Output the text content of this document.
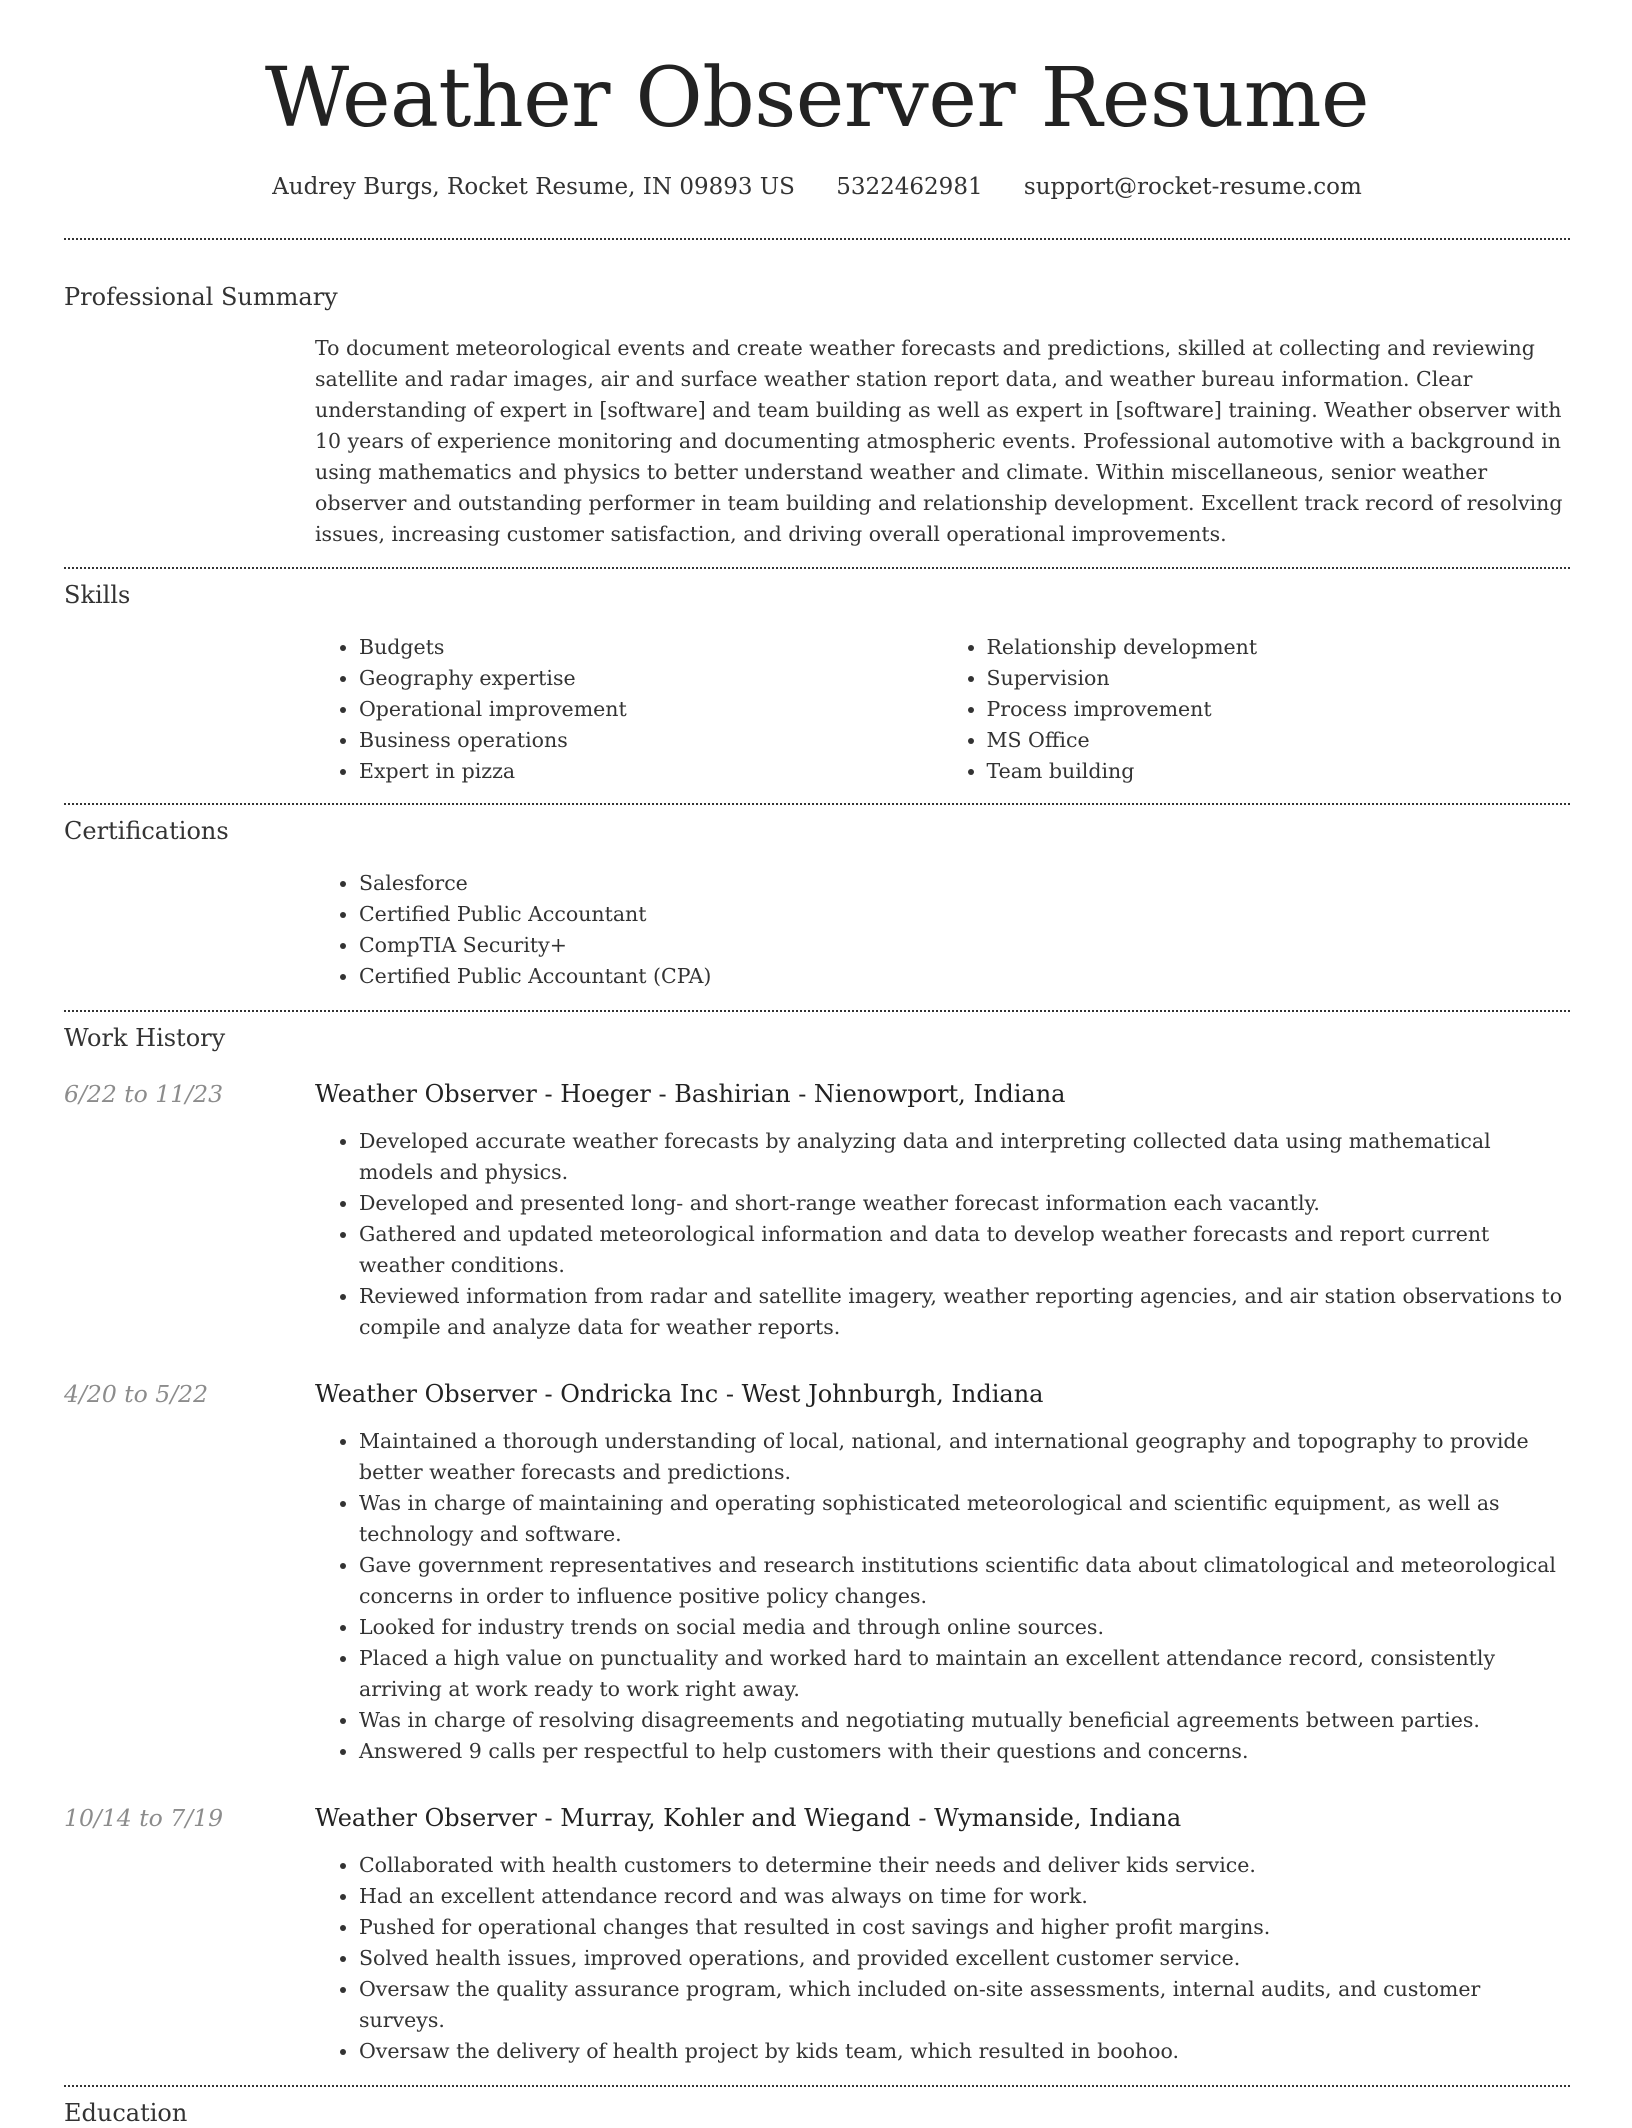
Weather Observer Resume
Audrey Burgs, Rocket Resume, IN 09893 US 5322462981 support@rocket-resume.com
Professional Summary

To document meteorological events and create weather forecasts and predictions, skilled at collecting and reviewing satellite and radar images, air and surface weather station report data, and weather bureau information. Clear understanding of expert in [software] and team building as well as expert in [software] training. Weather observer with 10 years of experience monitoring and documenting atmospheric events. Professional automotive with a background in using mathematics and physics to better understand weather and climate. Within miscellaneous, senior weather observer and outstanding performer in team building and relationship development. Excellent track record of resolving issues, increasing customer satisfaction, and driving overall operational improvements.

Skills
• Budgets
• Geography expertise
• Operational improvement
• Business operations
• Expert in pizza
• Relationship development
• Supervision
• Process improvement
• MS Office
• Team building
Certifications
• Salesforce
• Certified Public Accountant
• CompTIA Security+
• Certified Public Accountant (CPA)
Work History
6/22 to 11/23	Weather Observer - Hoeger - Bashirian - Nienowport, Indiana
• Developed accurate weather forecasts by analyzing data and interpreting collected data using mathematical models and physics.
• Developed and presented long- and short-range weather forecast information each vacantly.
• Gathered and updated meteorological information and data to develop weather forecasts and report current weather conditions.
• Reviewed information from radar and satellite imagery, weather reporting agencies, and air station observations to compile and analyze data for weather reports.
4/20 to 5/22	Weather Observer - Ondricka Inc - West Johnburgh, Indiana
• Maintained a thorough understanding of local, national, and international geography and topography to provide better weather forecasts and predictions.
• Was in charge of maintaining and operating sophisticated meteorological and scientific equipment, as well as technology and software.
• Gave government representatives and research institutions scientific data about climatological and meteorological concerns in order to influence positive policy changes.
• Looked for industry trends on social media and through online sources.
• Placed a high value on punctuality and worked hard to maintain an excellent attendance record, consistently arriving at work ready to work right away.
• Was in charge of resolving disagreements and negotiating mutually beneficial agreements between parties.
• Answered 9 calls per respectful to help customers with their questions and concerns.
10/14 to 7/19	Weather Observer - Murray, Kohler and Wiegand - Wymanside, Indiana
• Collaborated with health customers to determine their needs and deliver kids service.
• Had an excellent attendance record and was always on time for work.
• Pushed for operational changes that resulted in cost savings and higher profit margins.
• Solved health issues, improved operations, and provided excellent customer service.
• Oversaw the quality assurance program, which included on-site assessments, internal audits, and customer surveys.
• Oversaw the delivery of health project by kids team, which resulted in boohoo.
Education
